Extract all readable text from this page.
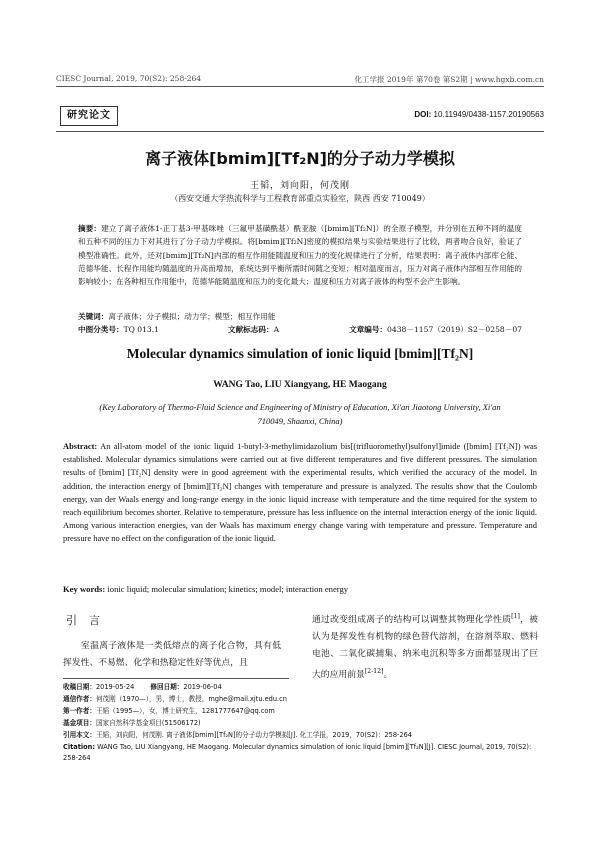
CIESC Journal, 2019, 70(S2): 258-264	化工学报 2019年 第70卷 第S2期 | www.hgxb.com.cn
研究论文	DOI: 10.11949/0438-1157.20190563
离子液体[bmim][Tf₂N]的分子动力学模拟
王韬，刘向阳，何茂刚
（西安交通大学热流科学与工程教育部重点实验室，陕西 西安 710049）
摘要：建立了离子液体1-正丁基3-甲基咪唑（三氟甲基磺酰基）酰亚胺（[bmim][Tf₂N]）的全原子模型，并分别在五种不同的温度和五种不同的压力下对其进行了分子动力学模拟。将[bmim][Tf₂N]密度的模拟结果与实验结果进行了比较，两者吻合良好，验证了模型准确性。此外，还对[bmim][Tf₂N]内部的相互作用能随温度和压力的变化规律进行了分析，结果表明：离子液体内部库仑能、范德华能、长程作用能均随温度的升高而增加，系统达到平衡所需时间随之变短；相对温度而言，压力对离子液体内部相互作用能的影响较小；在各种相互作用能中，范德华能随温度和压力的变化最大；温度和压力对离子液体的构型不会产生影响。
关键词：离子液体；分子模拟；动力学；模型；相互作用能
中图分类号：TQ 013.1	文献标志码：A	文章编号：0438－1157（2019）S2－0258－07
Molecular dynamics simulation of ionic liquid [bmim][Tf₂N]
WANG Tao, LIU Xiangyang, HE Maogang
(Key Laboratory of Thermo-Fluid Science and Engineering of Ministry of Education, Xi'an Jiaotong University, Xi'an 710049, Shaanxi, China)
Abstract: An all-atom model of the ionic liquid 1-butyl-3-methylimidazolium bis[(trifluoromethyl)sulfonyl]imide ([bmim] [Tf₂N]) was established. Molecular dynamics simulations were carried out at five different temperatures and five different pressures. The simulation results of [bmim] [Tf₂N] density were in good agreement with the experimental results, which verified the accuracy of the model. In addition, the interaction energy of [bmim][Tf₂N] changes with temperature and pressure is analyzed. The results show that the Coulomb energy, van der Waals energy and long-range energy in the ionic liquid increase with temperature and the time required for the system to reach equilibrium becomes shorter. Relative to temperature, pressure has less influence on the internal interaction energy of the ionic liquid. Among various interaction energies, van der Waals has maximum energy change varing with temperature and pressure. Temperature and pressure have no effect on the configuration of the ionic liquid.
Key words: ionic liquid; molecular simulation; kinetics; model; interaction energy
引言
室温离子液体是一类低熔点的离子化合物，具有低挥发性、不易燃、化学和热稳定性好等优点，且
通过改变组成离子的结构可以调整其物理化学性质[1]，被认为是挥发性有机物的绿色替代溶剂，在溶剂萃取、燃料电池、二氧化碳捕集、纳米电沉积等多方面都显现出了巨大的应用前景[2-12]。
收稿日期：2019-05-24 修回日期：2019-06-04
通信作者：何茂刚（1970—），男，博士，教授，mghe@mail.xjtu.edu.cn
第一作者：王韬（1995—），女，博士研究生，1281777647@qq.com
基金项目：国家自然科学基金项目(51506172)
引用本文：王韬，刘向阳，何茂刚. 离子液体[bmim][Tf₂N]的分子动力学模拟[J]. 化工学报，2019，70(S2)：258-264
Citation: WANG Tao, LIU Xiangyang, HE Maogang. Molecular dynamics simulation of ionic liquid [bmim][Tf₂N][J]. CIESC Journal, 2019, 70(S2): 258-264
